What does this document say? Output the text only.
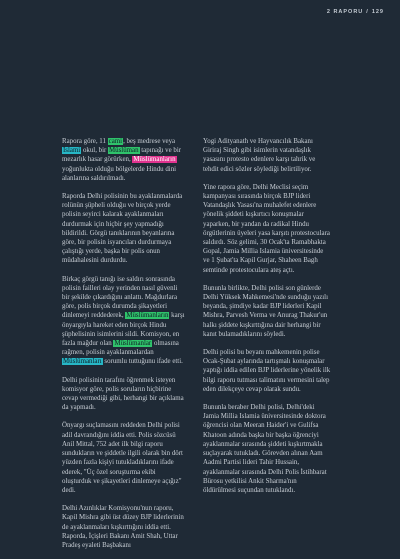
2 RAPORU / 129

Rapora göre, 11 cami, beş medrese veya İslami okul, bir Müslüman tapınağı ve bir mezarlık hasar görürken, Müslümanların yoğunlukta olduğu bölgelerde Hindu dini alanlarına saldırılmadı.

Raporda Delhi polisinin bu ayaklanmalarda rolünün şüpheli olduğu ve birçok yerde polisin seyirci kalarak ayaklanmaları durdurmak için hiçbir şey yapmadığı bildirildi. Görgü tanıklarının beyanlarına göre, bir polisin isyancıları durdurmaya çalıştığı yerde, başka bir polis onun müdahalesini durdurdu.

Birkaç görgü tanığı ise saldırı sonrasında polisin failleri olay yerinden nasıl güvenli bir şekilde çıkardığını anlattı. Mağdurlara göre, polis birçok durumda şikayetleri dinlemeyi reddederek, Müslümanların karşı önyargıyla hareket eden birçok Hindu şüphelisinin isimlerini sildi. Komisyon, en fazla mağdur olan Müslümanlar olmasına rağmen, polisin ayaklanmalardan Müslümanları sorumlu tuttuğunu ifade etti.

Delhi polisinin tarafını öğrenmek isteyen komisyor göre, polis soruların hiçbirine cevap vermediği gibi, herhangi bir açıklama da yapmadı.

Önyargı suçlamasını reddeden Delhi polisi adil davrandığını iddia etti. Polis sözcüsü Anil Mittal, 752 adet ilk bilgi raporu sundukların ve şiddetle ilgili olarak bin dört yüzden fazla kişiyi tutukladıklarını ifade ederek, "Üç özel soruşturma ekibi oluşturduk ve şikayetleri dinlemeye açığız" dedi.

Delhi Azınlıklar Komisyonu'nun raporu, Kapil Mishra gibi üst düzey BJP liderlerinin de ayaklanmaları kışkırttığını iddia etti. Raporda, İçişleri Bakanı Amit Shah, Uttar Pradeş eyaleti Başbakanı

Yogi Adityanath ve Hayvancılık Bakanı Giriraj Singh gibi isimlerin vatandaşlık yasasını protesto edenlere karşı tahrik ve tehdit edici sözler söylediği belirtiliyor.

Yine rapora göre, Delhi Meclisi seçim kampanyası sırasında birçok BJP lideri Vatandaşlık Yasası'na muhalefet edenlere yönelik şiddeti kışkırtıcı konuşmalar yaparken, bir yandan da radikal Hindu örgütlerinin üyeleri yasa karşıtı protestoculara saldırdı. Söz gelimi, 30 Ocak'ta Ramabhakta Gopal, Jamia Millia Islamia üniversitesinde ve 1 Şubat'ta Kapil Gurjar, Shaheen Bagh semtinde protestoculara ateş açtı.

Bununla birlikte, Delhi polisi son günlerde Delhi Yüksek Mahkemesi'nde sunduğu yazılı beyanda, şimdiye kadar BJP liderleri Kapil Mishra, Parvesh Verma ve Anurag Thakur'un halkı şiddete kışkırttığına dair herhangi bir kanıt bulamadıklarını söyledi.

Delhi polisi bu beyanı mahkemenin polise Ocak-Şubat aylarında tartışmalı konuşmalar yaptığı iddia edilen BJP liderlerine yönelik ilk bilgi raporu tutması talimatını vermesini talep eden dilekçeye cevap olarak sundu.

Bununla beraber Delhi polisi, Delhi'deki Jamia Millia Islamia üniversitesinde doktora öğrencisi olan Meeran Haider'i ve Gulifsa Khatoon adında başka bir başka öğrenciyi ayaklanmalar sırasında şiddeti kışkırtmakla suçlayarak tutukladı. Görevden alınan Aam Aadmi Partisi lideri Tahir Hussain, ayaklanmalar sırasında Delhi Polis İstihbarat Bürosu yetkilisi Ankit Sharma'nın öldürülmesi suçundan tutuklandı.
